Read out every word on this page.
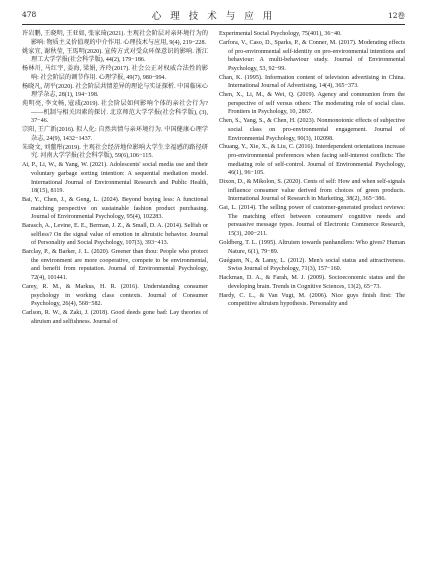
478	心 理 技 术 与 应 用	12卷

许岩鹏, 王晓明, 王亚如, 张家琦(2021). 主观社会阶层对亲环境行为的影响: 物质主义价值观的中介作用. 心理技术与应用, 9(4), 219−228.

姚家宜, 谢秋莹, 王馬明(2020). 宣传方式对受众环保意识的影响. 浙江理工大学学报(社会科学版), 44(2), 179−186.

杨林川, 马红宇, 姜海, 梁娟, 齐玲(2017). 社会公正对权威合法性的影响: 社会阶层的调节作用. 心理学报, 49(7), 980−994.

杨晓凡, 胡平(2020). 社会阶层共情差异的理论与实证探析. 中国临床心理学杂志, 28(1), 194−198.

苑明亮, 李文畅, 寇彧(2019). 社会阶层如何影响个体的亲社会行为?——机制与相关因素的探讨. 北京师范大学学报(社会科学版), (3), 37−46.

宗阳, 王广新(2016). 拟人化: 自然共情与亲环境行为. 中国健康心理学杂志, 24(9), 1432−1437.

朱晓文, 刘鳌彤(2019). 主观社会经济地位影响大学生幸福感的路径研究. 河南大学学报(社会科学版), 59(6),106−115.

Ai, P., Li, W., & Yang, W. (2021). Adolescents' social media use and their voluntary garbage sorting intention: A sequential mediation model. International Journal of Environmental Research and Public Health, 18(15), 8119.

Bai, Y., Chen, J., & Geng, L. (2024). Beyond buying less: A functional matching perspective on sustainable fashion product purchasing. Journal of Environmental Psychology, 95(4), 102283.

Barasch, A., Levine, E. E., Berman, J. Z., & Small, D. A. (2014). Selfish or selfless? On the signal value of emotion in altruistic behavior. Journal of Personality and Social Psychology, 107(3), 393−413.

Barclay, P., & Barker, J. L. (2020). Greener than thou: People who protect the environment are more cooperative, compete to be environmental, and benefit from reputation. Journal of Environmental Psychology, 72(4), 101441.

Carey, R. M., & Markus, H. R. (2016). Understanding consumer psychology in working class contexts. Journal of Consumer Psychology, 26(4), 568−582.

Carlson, R. W., & Zaki, J. (2018). Good deeds gone bad: Lay theories of altruism and selfishness. Journal of

Experimental Social Psychology, 75(401), 36−40.

Carfora, V., Caso, D., Sparks, P., & Conner, M. (2017). Moderating effects of pro-environmental self-identity on pro-environmental intentions and behaviour: A multi-behaviour study. Journal of Environmental Psychology, 53, 92−99.

Chan, K. (1995). Information content of television advertising in China. International Journal of Advertising, 14(4), 365−373.

Chen, X., Li, M., & Wei, Q. (2019). Agency and communion from the perspective of self versus others: The moderating role of social class. Frontiers in Psychology, 10, 2867.

Chen, S., Yang, S., & Chen, H. (2023). Nonmonotonic effects of subjective social class on pro-environmental engagement. Journal of Environmental Psychology, 90(3), 102098.

Chuang, Y., Xie, X., & Liu, C. (2016). Interdependent orientations increase pro-environmental preferences when facing self-interest conflicts: The mediating role of self-control. Journal of Environmental Psychology, 46(1), 96−105.

Dixon, D., & Mikolon, S. (2020). Cents of self: How and when self-signals influence consumer value derived from choices of green products. International Journal of Research in Marketing, 38(2), 365−386.

Gai, L. (2014). The selling power of customer-generated product reviews: The matching effect between consumers' cognitive needs and persuasive message types. Journal of Electronic Commerce Research, 15(3), 200−211.

Goldberg, T. L. (1995). Altruism towards panhandlers: Who gives? Human Nature, 6(1), 79−89.

Guéguen, N., & Lamy, L. (2012). Men's social status and attractiveness. Swiss Journal of Psychology, 71(3), 157−160.

Hackman, D. A., & Farah, M. J. (2009). Socioeconomic status and the developing brain. Trends in Cognitive Sciences, 13(2), 65−73.

Hardy, C. L., & Van Vugt, M. (2006). Nice guys finish first: The competitive altruism hypothesis. Personality and
